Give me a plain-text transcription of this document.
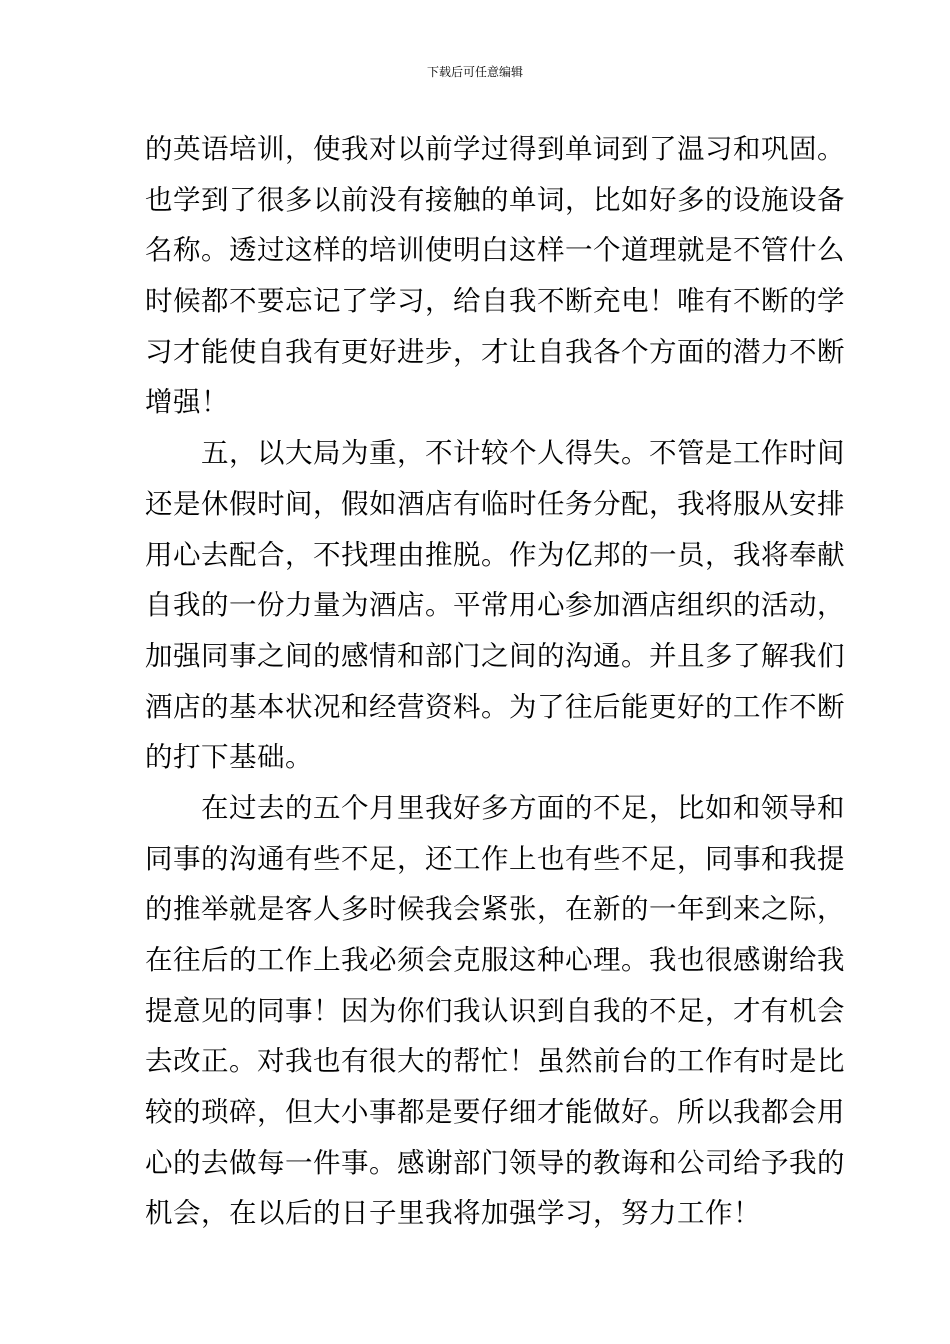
下载后可任意编辑
的英语培训，使我对以前学过得到单词到了温习和巩固。
也学到了很多以前没有接触的单词，比如好多的设施设备
名称。透过这样的培训使明白这样一个道理就是不管什么
时候都不要忘记了学习，给自我不断充电！唯有不断的学
习才能使自我有更好进步，才让自我各个方面的潜力不断
增强！
五，以大局为重，不计较个人得失。不管是工作时间
还是休假时间，假如酒店有临时任务分配，我将服从安排
用心去配合，不找理由推脱。作为亿邦的一员，我将奉献
自我的一份力量为酒店。平常用心参加酒店组织的活动，
加强同事之间的感情和部门之间的沟通。并且多了解我们
酒店的基本状况和经营资料。为了往后能更好的工作不断
的打下基础。
在过去的五个月里我好多方面的不足，比如和领导和
同事的沟通有些不足，还工作上也有些不足，同事和我提
的推举就是客人多时候我会紧张，在新的一年到来之际，
在往后的工作上我必须会克服这种心理。我也很感谢给我
提意见的同事！因为你们我认识到自我的不足，才有机会
去改正。对我也有很大的帮忙！虽然前台的工作有时是比
较的琐碎，但大小事都是要仔细才能做好。所以我都会用
心的去做每一件事。感谢部门领导的教诲和公司给予我的
机会，在以后的日子里我将加强学习，努力工作！
